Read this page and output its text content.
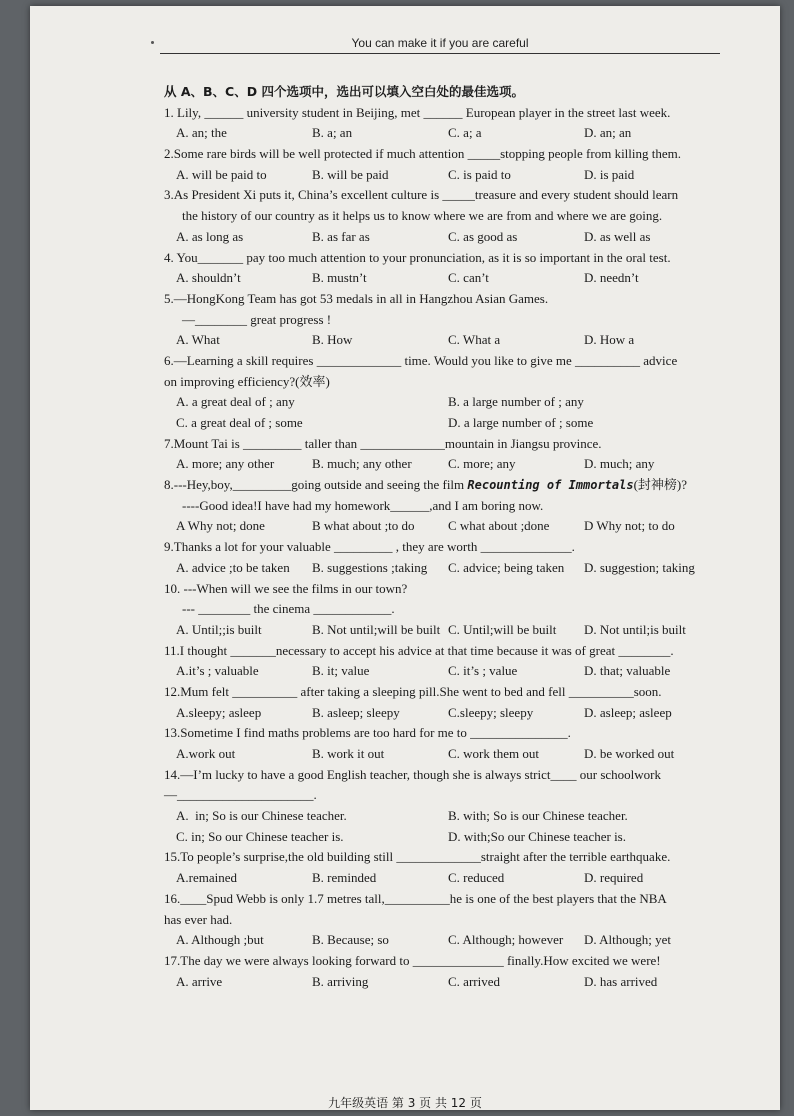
You can make it if you are careful
从 A、B、C、D 四个选项中，选出可以填入空白处的最佳选项。
1. Lily, ______ university student in Beijing, met ______ European player in the street last week.
A. an; the	B. a; an	C. a; a	D. an; an
2.Some rare birds will be well protected if much attention _____stopping people from killing them.
A. will be paid to	B. will be paid	C. is paid to	D. is paid
3.As President Xi puts it, China’s excellent culture is _____treasure and every student should learn
the history of our country as it helps us to know where we are from and where we are going.
A. as long as	B. as far as	C. as good as	D. as well as
4. You_______ pay too much attention to your pronunciation, as it is so important in the oral test.
A. shouldn’t	B. mustn’t	C. can’t	D. needn’t
5.—HongKong Team has got 53 medals in all in Hangzhou Asian Games.
—________ great progress !
A. What	B. How	C. What a	D. How a
6.—Learning a skill requires _____________ time. Would you like to give me __________ advice
on improving efficiency?(效率)
A. a great deal of ; any	B. a large number of ; any
C. a great deal of ; some	D. a large number of ; some
7.Mount Tai is _________ taller than _____________mountain in Jiangsu province.
A. more; any other	B. much; any other	C. more; any	D. much; any
8.---Hey,boy,_________going outside and seeing the film Recounting of Immortals (封神榜)?
----Good idea!I have had my homework______,and I am boring now.
A Why not; done	B what about ;to do	C what about ;done	D Why not; to do
9.Thanks a lot for your valuable _________ , they are worth ______________.
A. advice ;to be taken	B. suggestions ;taking	C. advice; being taken	D. suggestion; taking
10. ---When will we see the films in our town?
--- ________ the cinema ____________.
A. Until;;is built	B. Not until;will be built C. Until;will be built	D. Not until;is built
11.I thought _______necessary to accept his advice at that time because it was of great ________.
A.it’s ; valuable	B. it; value	C. it’s ; value	D. that; valuable
12.Mum felt __________ after taking a sleeping pill.She went to bed and fell __________soon.
A.sleepy; asleep	B. asleep; sleepy	C.sleepy; sleepy	D. asleep; asleep
13.Sometime I find maths problems are too hard for me to _______________.
A.work out	B. work it out	C. work them out	D. be worked out
14.—I’m lucky to have a good English teacher, though she is always strict____ our schoolwork
—_____________________.
A.  in; So is our Chinese teacher.	B. with; So is our Chinese teacher.
C. in; So our Chinese teacher is.	D. with;So our Chinese teacher is.
15.To people’s surprise,the old building still _____________straight after the terrible earthquake.
A.remained	B. reminded	C. reduced	D. required
16.____Spud Webb is only 1.7 metres tall,__________he is one of the best players that the NBA
has ever had.
A. Although ;but	B. Because; so	C. Although; however	D. Although; yet
17.The day we were always looking forward to ______________ finally.How excited we were!
A. arrive	B. arriving	C. arrived	D. has arrived
九年级英语 第 3 页 共 12 页
